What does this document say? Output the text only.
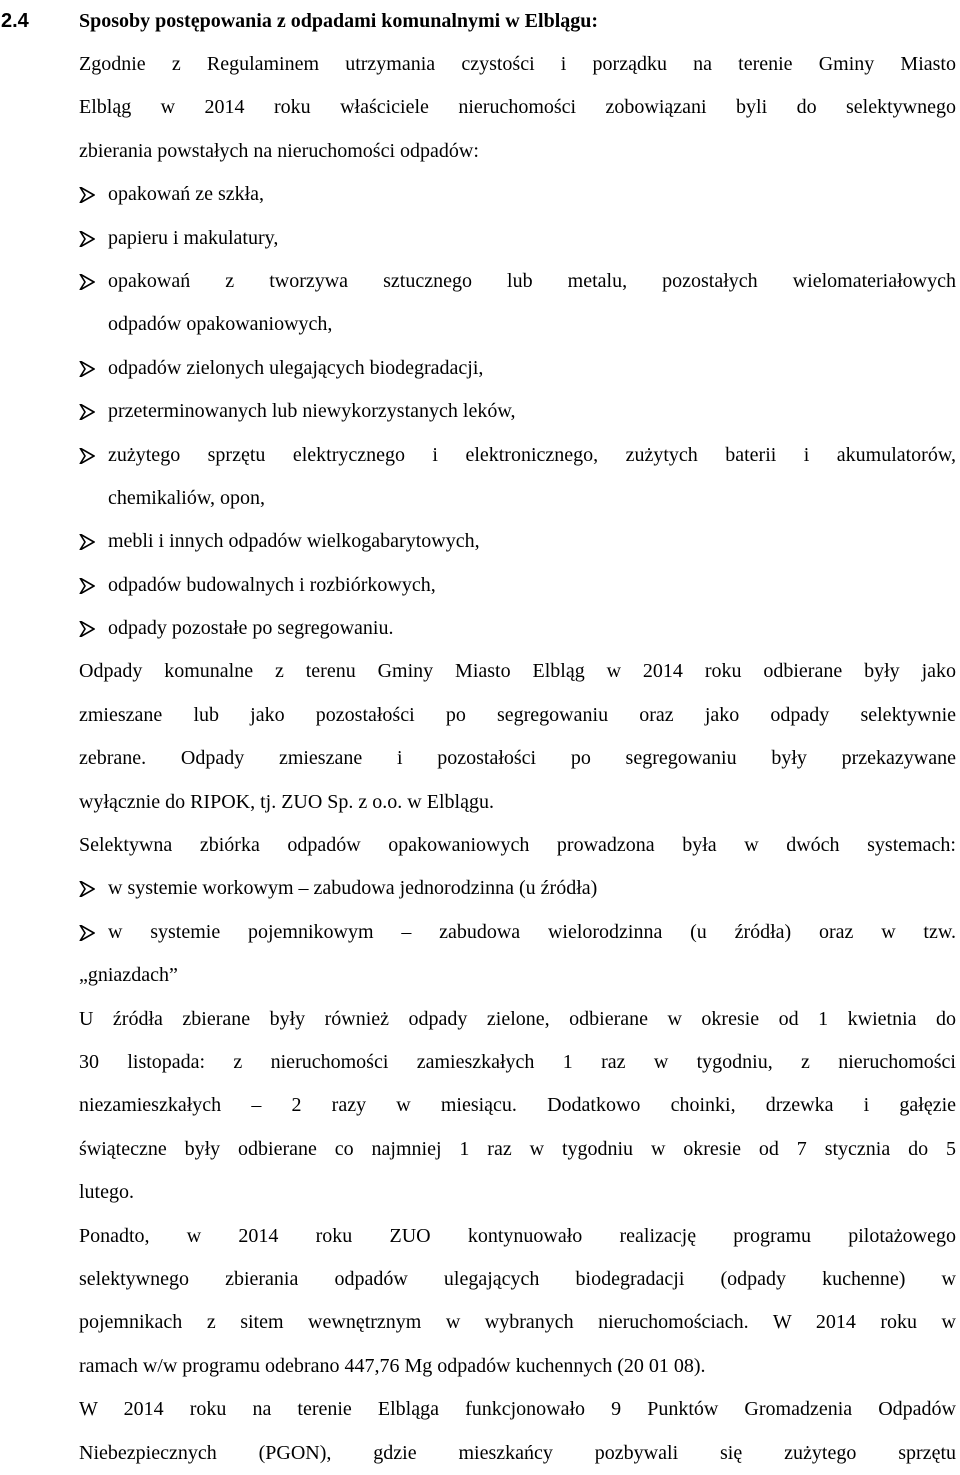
2.4	Sposoby postępowania z odpadami komunalnymi w Elblągu:
Zgodnie z Regulaminem utrzymania czystości i porządku na terenie Gminy Miasto
Elbląg w 2014 roku właściciele nieruchomości zobowiązani byli do selektywnego
zbierania powstałych na nieruchomości odpadów:
opakowań ze szkła,
papieru i makulatury,
opakowań z tworzywa sztucznego lub metalu, pozostałych wielomateriałowych
odpadów opakowaniowych,
odpadów zielonych ulegających biodegradacji,
przeterminowanych lub niewykorzystanych leków,
zużytego sprzętu elektrycznego i elektronicznego, zużytych baterii i akumulatorów,
chemikaliów, opon,
mebli i innych odpadów wielkogabarytowych,
odpadów budowalnych i rozbiórkowych,
odpady pozostałe po segregowaniu.
Odpady komunalne z terenu Gminy Miasto Elbląg w 2014 roku odbierane były jako
zmieszane lub jako pozostałości po segregowaniu oraz jako odpady selektywnie
zebrane. Odpady zmieszane i pozostałości po segregowaniu były przekazywane
wyłącznie do RIPOK, tj. ZUO Sp. z o.o. w Elblągu.
Selektywna zbiórka odpadów opakowaniowych prowadzona była w dwóch systemach:
w systemie workowym – zabudowa jednorodzinna (u źródła)
w systemie pojemnikowym – zabudowa wielorodzinna (u źródła) oraz w tzw.
„gniazdach”
U źródła zbierane były również odpady zielone, odbierane w okresie od 1 kwietnia do
30 listopada: z nieruchomości zamieszkałych 1 raz w tygodniu, z nieruchomości
niezamieszkałych – 2 razy w miesiącu. Dodatkowo choinki, drzewka i gałęzie
świąteczne były odbierane co najmniej 1 raz w tygodniu w okresie od 7 stycznia do 5
lutego.
Ponadto, w 2014 roku ZUO kontynuowało realizację programu pilotażowego
selektywnego zbierania odpadów ulegających biodegradacji (odpady kuchenne) w
pojemnikach z sitem wewnętrznym w wybranych nieruchomościach. W 2014 roku w
ramach w/w programu odebrano 447,76 Mg odpadów kuchennych (20 01 08).
W 2014 roku na terenie Elbląga funkcjonowało 9 Punktów Gromadzenia Odpadów
Niebezpiecznych (PGON), gdzie mieszkańcy pozbywali się zużytego sprzętu
